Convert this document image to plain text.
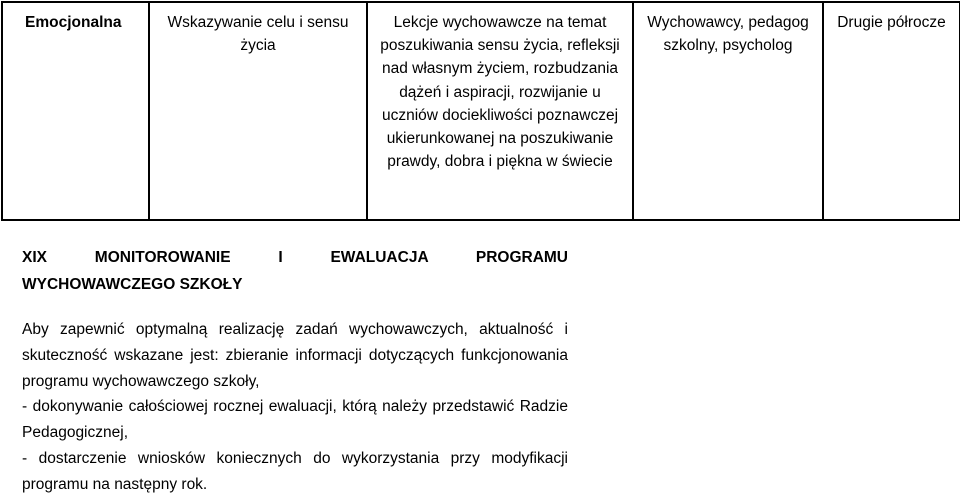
Emocjonalna	Wskazywanie celu i sensu życia	Lekcje wychowawcze na temat poszukiwania sensu życia, refleksji nad własnym życiem, rozbudzania dążeń i aspiracji, rozwijanie u uczniów dociekliwości poznawczej ukierunkowanej na poszukiwanie prawdy, dobra i piękna w świecie	Wychowawcy, pedagog szkolny, psycholog	Drugie półrocze
XIX MONITOROWANIE I EWALUACJA PROGRAMU
WYCHOWAWCZEGO SZKOŁY

Aby zapewnić optymalną realizację zadań wychowawczych, aktualność i skuteczność wskazane jest: zbieranie informacji dotyczących funkcjonowania programu wychowawczego szkoły,

- dokonywanie całościowej rocznej ewaluacji, którą należy przedstawić Radzie Pedagogicznej,

- dostarczenie wniosków koniecznych do wykorzystania przy modyfikacji programu na następny rok.
